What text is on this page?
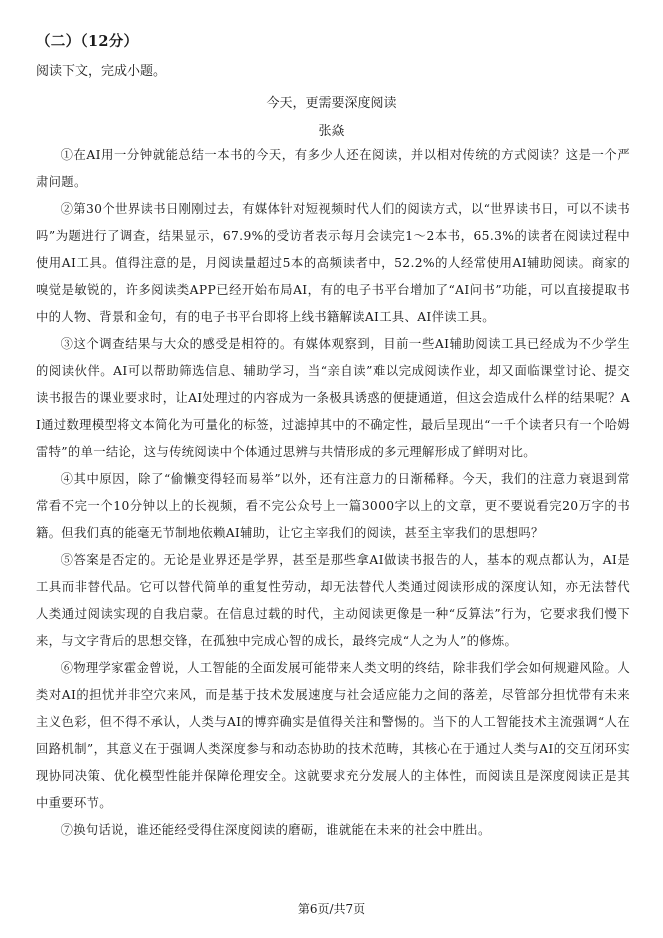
（二）（12分）
阅读下文，完成小题。
今天，更需要深度阅读
张焱

①在AI用一分钟就能总结一本书的今天，有多少人还在阅读，并以相对传统的方式阅读？这是一个严肃问题。

②第30个世界读书日刚刚过去，有媒体针对短视频时代人们的阅读方式，以“世界读书日，可以不读书吗”为题进行了调查，结果显示，67.9%的受访者表示每月会读完1～2本书，65.3%的读者在阅读过程中使用AI工具。值得注意的是，月阅读量超过5本的高频读者中，52.2%的人经常使用AI辅助阅读。商家的嗅觉是敏锐的，许多阅读类APP已经开始布局AI，有的电子书平台增加了“AI问书”功能，可以直接提取书中的人物、背景和金句，有的电子书平台即将上线书籍解读AI工具、AI伴读工具。

③这个调查结果与大众的感受是相符的。有媒体观察到，目前一些AI辅助阅读工具已经成为不少学生的阅读伙伴。AI可以帮助筛选信息、辅助学习，当“亲自读”难以完成阅读作业，却又面临课堂讨论、提交读书报告的课业要求时，让AI处理过的内容成为一条极具诱惑的便捷通道，但这会造成什么样的结果呢？AI通过数理模型将文本简化为可量化的标签，过滤掉其中的不确定性，最后呈现出“一千个读者只有一个哈姆雷特”的单一结论，这与传统阅读中个体通过思辨与共情形成的多元理解形成了鲜明对比。

④其中原因，除了“偷懒变得轻而易举”以外，还有注意力的日渐稀释。今天，我们的注意力衰退到常常看不完一个10分钟以上的长视频，看不完公众号上一篇3000字以上的文章，更不要说看完20万字的书籍。但我们真的能毫无节制地依赖AI辅助，让它主宰我们的阅读，甚至主宰我们的思想吗？

⑤答案是否定的。无论是业界还是学界，甚至是那些拿AI做读书报告的人，基本的观点都认为，AI是工具而非替代品。它可以替代简单的重复性劳动，却无法替代人类通过阅读形成的深度认知，亦无法替代人类通过阅读实现的自我启蒙。在信息过载的时代，主动阅读更像是一种“反算法”行为，它要求我们慢下来，与文字背后的思想交锋，在孤独中完成心智的成长，最终完成“人之为人”的修炼。

⑥物理学家霍金曾说，人工智能的全面发展可能带来人类文明的终结，除非我们学会如何规避风险。人类对AI的担忧并非空穴来风，而是基于技术发展速度与社会适应能力之间的落差，尽管部分担忧带有未来主义色彩，但不得不承认，人类与AI的博弈确实是值得关注和警惕的。当下的人工智能技术主流强调“人在回路机制”，其意义在于强调人类深度参与和动态协助的技术范畴，其核心在于通过人类与AI的交互闭环实现协同决策、优化模型性能并保障伦理安全。这就要求充分发展人的主体性，而阅读且是深度阅读正是其中重要环节。

⑦换句话说，谁还能经受得住深度阅读的磨砺，谁就能在未来的社会中胜出。

第6页/共7页
